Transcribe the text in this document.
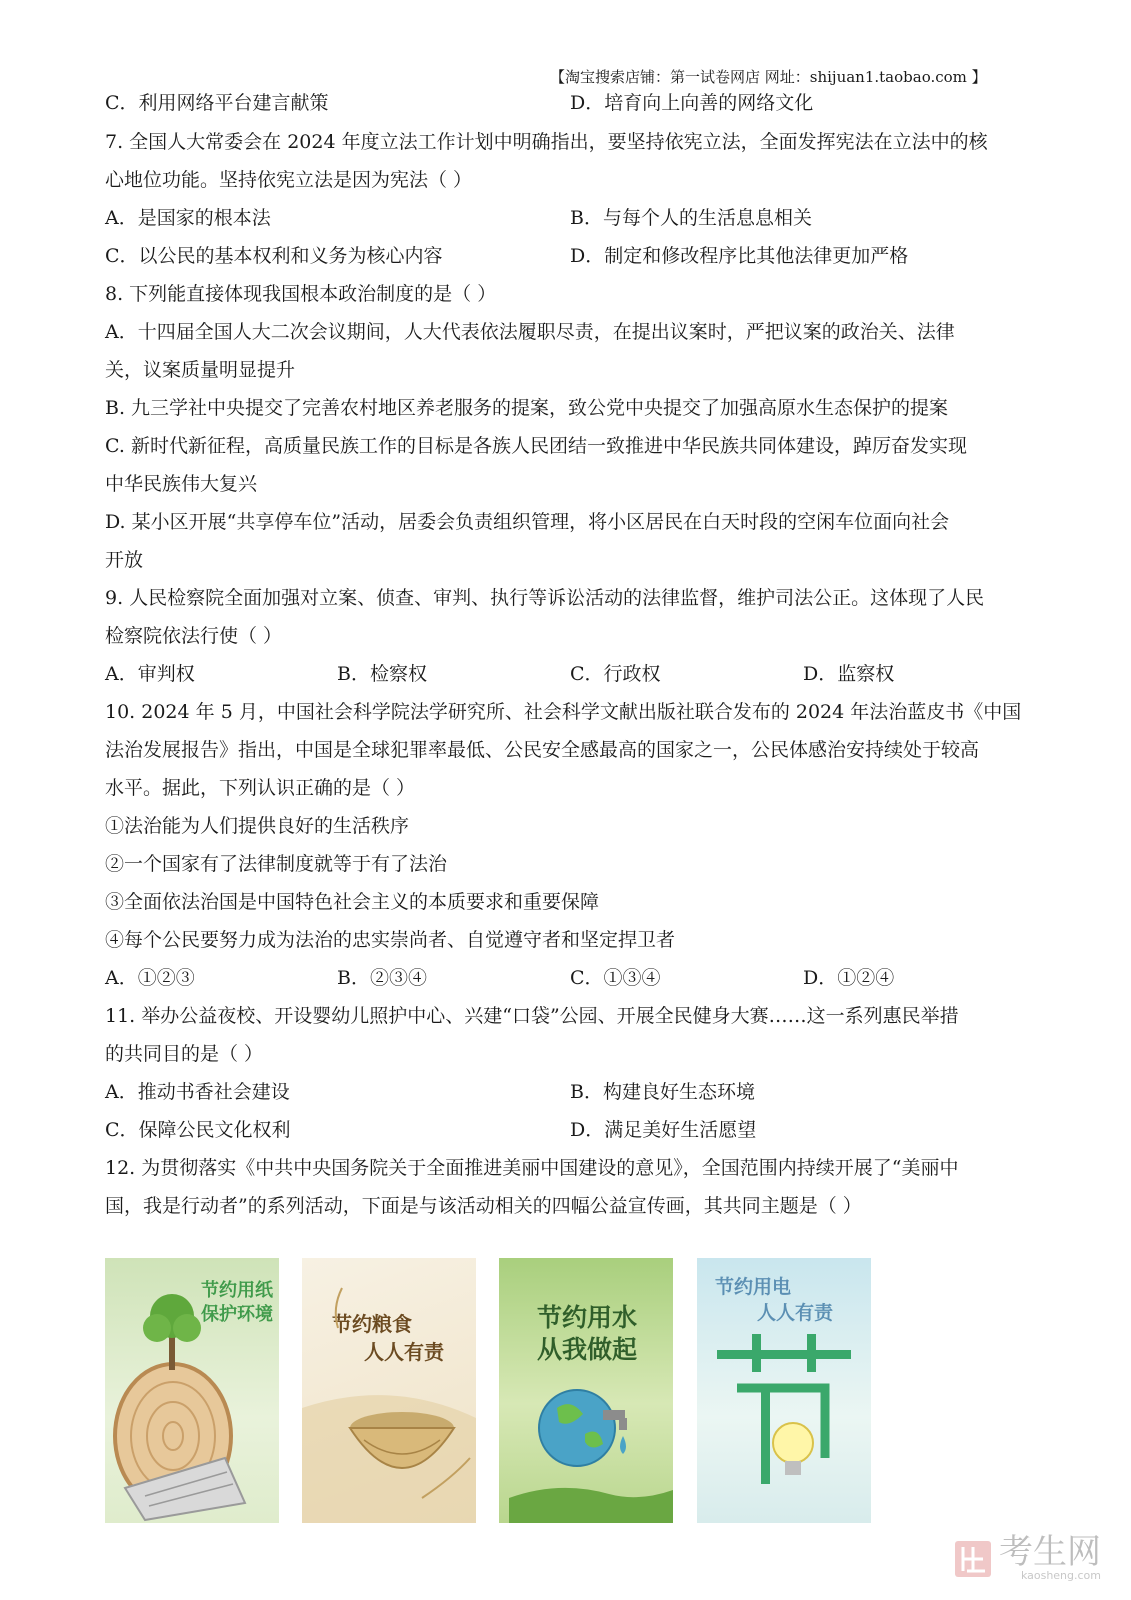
【淘宝搜索店铺：第一试卷网店 网址：shijuan1.taobao.com 】
C．利用网络平台建言献策	D．培育向上向善的网络文化
7. 全国人大常委会在 2024 年度立法工作计划中明确指出，要坚持依宪立法，全面发挥宪法在立法中的核
心地位功能。坚持依宪立法是因为宪法（ ）
A．是国家的根本法	B．与每个人的生活息息相关
C．以公民的基本权利和义务为核心内容	D．制定和修改程序比其他法律更加严格
8. 下列能直接体现我国根本政治制度的是（ ）
A．十四届全国人大二次会议期间，人大代表依法履职尽责，在提出议案时，严把议案的政治关、法律
关，议案质量明显提升
B. 九三学社中央提交了完善农村地区养老服务的提案，致公党中央提交了加强高原水生态保护的提案
C. 新时代新征程，高质量民族工作的目标是各族人民团结一致推进中华民族共同体建设，踔厉奋发实现
中华民族伟大复兴
D. 某小区开展“共享停车位”活动，居委会负责组织管理，将小区居民在白天时段的空闲车位面向社会
开放
9. 人民检察院全面加强对立案、侦查、审判、执行等诉讼活动的法律监督，维护司法公正。这体现了人民
检察院依法行使（ ）
A．审判权	B．检察权	C．行政权	D．监察权
10. 2024 年 5 月，中国社会科学院法学研究所、社会科学文献出版社联合发布的 2024 年法治蓝皮书《中国
法治发展报告》指出，中国是全球犯罪率最低、公民安全感最高的国家之一，公民体感治安持续处于较高
水平。据此，下列认识正确的是（ ）
①法治能为人们提供良好的生活秩序
②一个国家有了法律制度就等于有了法治
③全面依法治国是中国特色社会主义的本质要求和重要保障
④每个公民要努力成为法治的忠实崇尚者、自觉遵守者和坚定捍卫者
A．①②③	B．②③④	C．①③④	D．①②④
11. 举办公益夜校、开设婴幼儿照护中心、兴建“口袋”公园、开展全民健身大赛……这一系列惠民举措
的共同目的是（ ）
A．推动书香社会建设	B．构建良好生态环境
C．保障公民文化权利	D．满足美好生活愿望
12. 为贯彻落实《中共中央国务院关于全面推进美丽中国建设的意见》，全国范围内持续开展了“美丽中
国，我是行动者”的系列活动，下面是与该活动相关的四幅公益宣传画，其共同主题是（ ）
节约用纸
保护环境	节约粮食
人人有责
节约用水
从我做起
节约用电
人人有责
考生网
kaosheng.com
